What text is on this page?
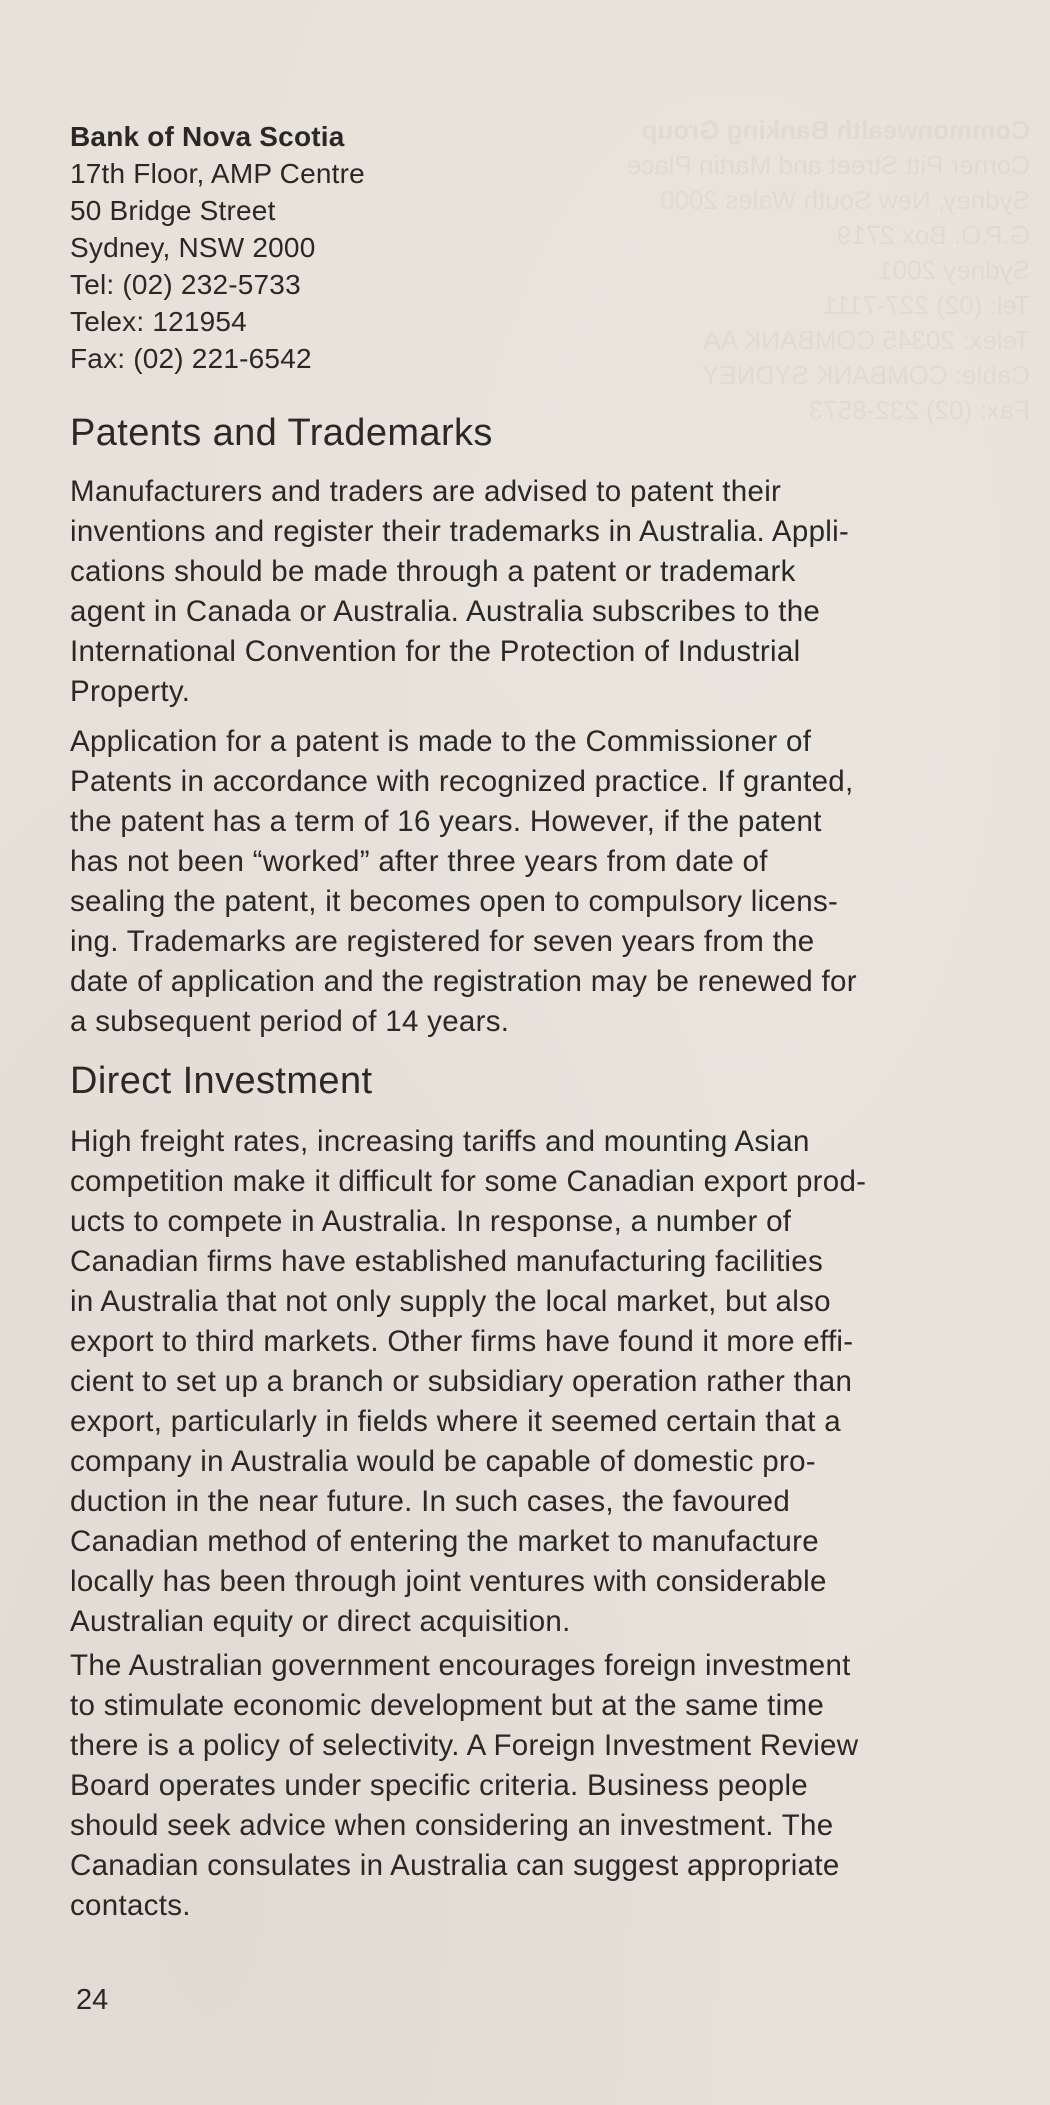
Commonwealth Banking Group
Corner Pitt Street and Martin Place
Sydney, New South Wales 2000
G.P.O. Box 2719
Sydney 2001
Tel: (02) 227-7111
Telex: 20345 COMBANK AA
Cable: COMBANK SYDNEY
Fax: (02) 232-8573
Bank of Nova Scotia
17th Floor, AMP Centre
50 Bridge Street
Sydney, NSW 2000
Tel: (02) 232-5733
Telex: 121954
Fax: (02) 221-6542
Patents and Trademarks

Manufacturers and traders are advised to patent their
inventions and register their trademarks in Australia. Appli-
cations should be made through a patent or trademark
agent in Canada or Australia. Australia subscribes to the
International Convention for the Protection of Industrial
Property.

Application for a patent is made to the Commissioner of
Patents in accordance with recognized practice. If granted,
the patent has a term of 16 years. However, if the patent
has not been “worked” after three years from date of
sealing the patent, it becomes open to compulsory licens-
ing. Trademarks are registered for seven years from the
date of application and the registration may be renewed for
a subsequent period of 14 years.

Direct Investment

High freight rates, increasing tariffs and mounting Asian
competition make it difficult for some Canadian export prod-
ucts to compete in Australia. In response, a number of
Canadian firms have established manufacturing facilities
in Australia that not only supply the local market, but also
export to third markets. Other firms have found it more effi-
cient to set up a branch or subsidiary operation rather than
export, particularly in fields where it seemed certain that a
company in Australia would be capable of domestic pro-
duction in the near future. In such cases, the favoured
Canadian method of entering the market to manufacture
locally has been through joint ventures with considerable
Australian equity or direct acquisition.

The Australian government encourages foreign investment
to stimulate economic development but at the same time
there is a policy of selectivity. A Foreign Investment Review
Board operates under specific criteria. Business people
should seek advice when considering an investment. The
Canadian consulates in Australia can suggest appropriate
contacts.

24
